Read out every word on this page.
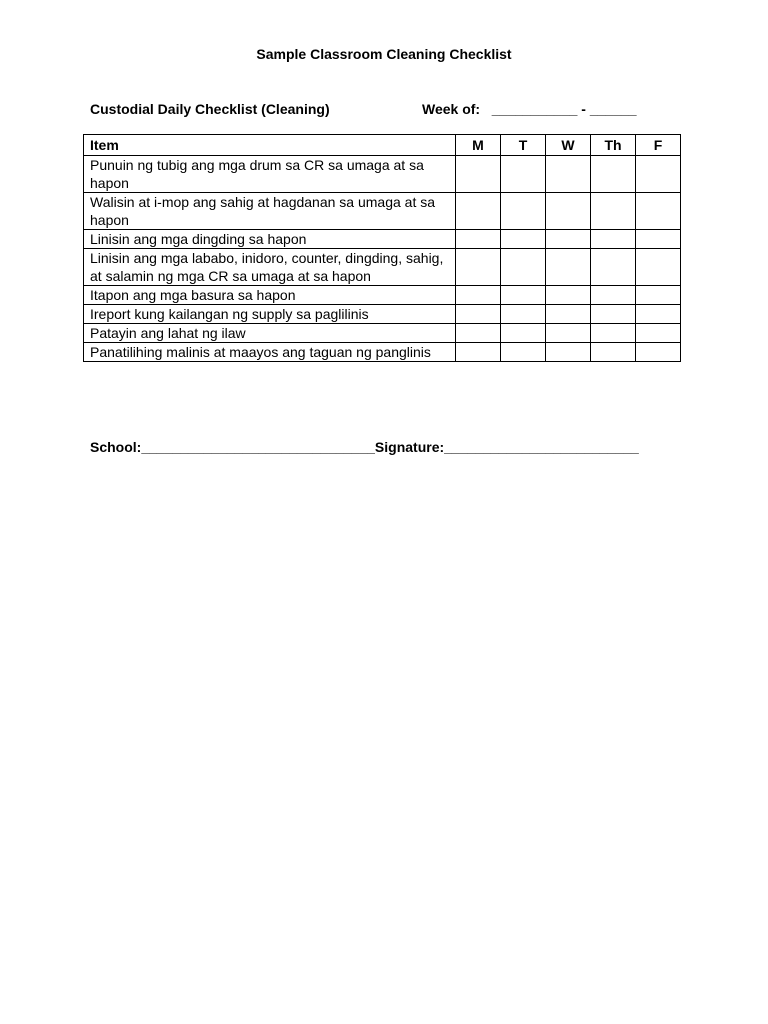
Sample Classroom Cleaning Checklist
Custodial Daily Checklist (Cleaning)	Week of:   ___________ - ______
Item	M	T	W	Th	F
Punuin ng tubig ang mga drum sa CR sa umaga at sa hapon					
Walisin at i-mop ang sahig at hagdanan sa umaga at sa hapon					
Linisin ang mga dingding sa hapon					
Linisin ang mga lababo, inidoro, counter, dingding, sahig, at salamin ng mga CR sa umaga at sa hapon					
Itapon ang mga basura sa hapon					
Ireport kung kailangan ng supply sa paglilinis					
Patayin ang lahat ng ilaw					
Panatilihing malinis at maayos ang taguan ng panglinis					
School:______________________________Signature:_________________________
